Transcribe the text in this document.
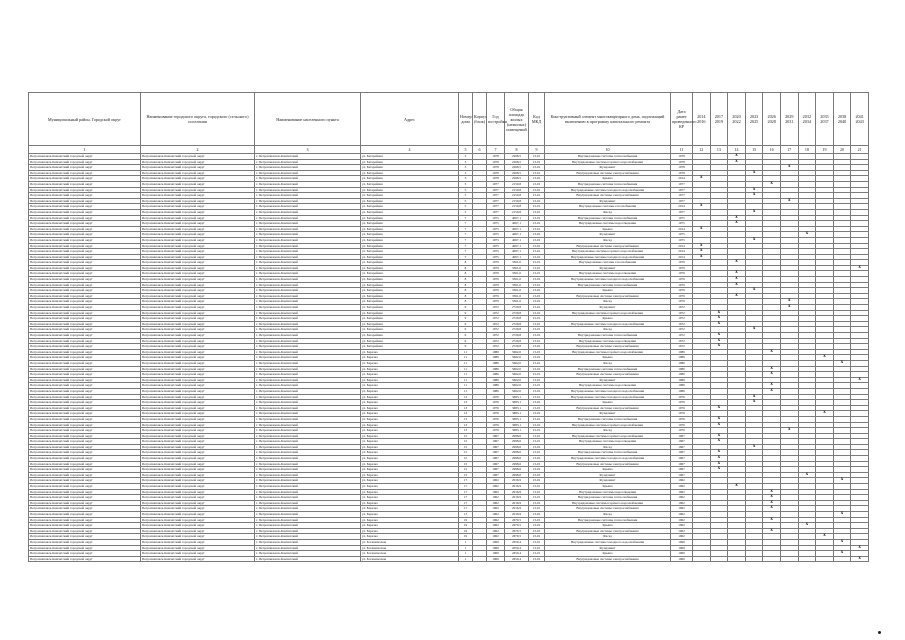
Муниципальный район, Городской округ	Наименование городского округа, городского (сельского) поселения	Наименование населенного пункта	Адрес	Номер дома	Корпус (блок)	Год постройки	Общая площадь жилых (нежилых) помещений	Код МКД	Конструктивный элемент многоквартирного дома, подлежащий включению в программу капитального ремонта	Дата ранее проведенного КР	2014 2016	2017 2019	2020 2022	2023 2025	2026 2028	2029 2031	2032 2034	2035 2037	2038 2040	2041 2043
1	2	3	4	5	6	7	8	9	10	11	12	13	14	15	16	17	18	19	20	21
Петропавловск-Камчатский городской округ	Петропавловск-Камчатский городской округ	г. Петропавловск-Камчатский	ул. Батарейная	3		1978	2268,5	13-01	Внутридомовые системы теплоснабжения	1978			x							
Петропавловск-Камчатский городской округ	Петропавловск-Камчатский городской округ	г. Петропавловск-Камчатский	ул. Батарейная	3		1978	2268,5	13-01	Внутридомовые системы горячего водоснабжения	1978			x							
Петропавловск-Камчатский городской округ	Петропавловск-Камчатский городской округ	г. Петропавловск-Камчатский	ул. Батарейная	3		1978	2268,5	13-01	Фундамент	1978						x				
Петропавловск-Камчатский городской округ	Петропавловск-Камчатский городской округ	г. Петропавловск-Камчатский	ул. Батарейная	3		1978	2268,5	13-01	Внутридомовые системы электроснабжения	1978				x						
Петропавловск-Камчатский городской округ	Петропавловск-Камчатский городской округ	г. Петропавловск-Камчатский	ул. Батарейная	3		1978	2268,5	13-01	Крыша	2014	x									
Петропавловск-Камчатский городской округ	Петропавловск-Камчатский городской округ	г. Петропавловск-Камчатский	ул. Батарейная	5		1977	2150,8	13-01	Внутридомовые системы теплоснабжения	1977					x					
Петропавловск-Камчатский городской округ	Петропавловск-Камчатский городской округ	г. Петропавловск-Камчатский	ул. Батарейная	5		1977	2150,8	13-01	Внутридомовые системы холодного водоснабжения	1977				x						
Петропавловск-Камчатский городской округ	Петропавловск-Камчатский городской округ	г. Петропавловск-Камчатский	ул. Батарейная	5		1977	2150,8	13-01	Внутридомовые системы электроснабжения	1977				x						
Петропавловск-Камчатский городской округ	Петропавловск-Камчатский городской округ	г. Петропавловск-Камчатский	ул. Батарейная	5		1977	2150,8	13-01	Фундамент	1977						x				
Петропавловск-Камчатский городской округ	Петропавловск-Камчатский городской округ	г. Петропавловск-Камчатский	ул. Батарейная	5		1977	2150,8	13-01	Внутридомовые системы газоснабжения	2014	x									
Петропавловск-Камчатский городской округ	Петропавловск-Камчатский городской округ	г. Петропавловск-Камчатский	ул. Батарейная	5		1977	2150,8	13-01	Фасад	1977				x						
Петропавловск-Камчатский городской округ	Петропавловск-Камчатский городской округ	г. Петропавловск-Камчатский	ул. Батарейная	7		1975	4067,1	13-01	Внутридомовые системы теплоснабжения	1975			x							
Петропавловск-Камчатский городской округ	Петропавловск-Камчатский городской округ	г. Петропавловск-Камчатский	ул. Батарейная	7		1975	4067,1	13-01	Внутридомовые системы водоотведения	1975			x							
Петропавловск-Камчатский городской округ	Петропавловск-Камчатский городской округ	г. Петропавловск-Камчатский	ул. Батарейная	7		1975	4067,1	13-01	Крыша	2014	x									
Петропавловск-Камчатский городской округ	Петропавловск-Камчатский городской округ	г. Петропавловск-Камчатский	ул. Батарейная	7		1975	4067,1	13-01	Фундамент	1975							x			
Петропавловск-Камчатский городской округ	Петропавловск-Камчатский городской округ	г. Петропавловск-Камчатский	ул. Батарейная	7		1975	4067,1	13-01	Фасад	1975				x						
Петропавловск-Камчатский городской округ	Петропавловск-Камчатский городской округ	г. Петропавловск-Камчатский	ул. Батарейная	7		1975	4067,1	13-01	Внутридомовые системы электроснабжения	2014	x									
Петропавловск-Камчатский городской округ	Петропавловск-Камчатский городской округ	г. Петропавловск-Камчатский	ул. Батарейная	7		1975	4067,1	13-01	Внутридомовые системы горячего водоснабжения	2014	x									
Петропавловск-Камчатский городской округ	Петропавловск-Камчатский городской округ	г. Петропавловск-Камчатский	ул. Батарейная	7		1975	4067,1	13-01	Внутридомовые системы холодного водоснабжения	2014	x									
Петропавловск-Камчатский городской округ	Петропавловск-Камчатский городской округ	г. Петропавловск-Камчатский	ул. Батарейная	8		1979	3361,0	13-01	Внутридомовые системы газоснабжения	1979			x							
Петропавловск-Камчатский городской округ	Петропавловск-Камчатский городской округ	г. Петропавловск-Камчатский	ул. Батарейная	8		1979	3361,0	13-01	Фундамент	1979										x
Петропавловск-Камчатский городской округ	Петропавловск-Камчатский городской округ	г. Петропавловск-Камчатский	ул. Батарейная	8		1979	3361,0	13-01	Внутридомовые системы водоотведения	1979			x							
Петропавловск-Камчатский городской округ	Петропавловск-Камчатский городской округ	г. Петропавловск-Камчатский	ул. Батарейная	8		1979	3361,0	13-01	Внутридомовые системы холодного водоснабжения	1979			x							
Петропавловск-Камчатский городской округ	Петропавловск-Камчатский городской округ	г. Петропавловск-Камчатский	ул. Батарейная	8		1979	3361,0	13-01	Внутридомовые системы теплоснабжения	1979			x							
Петропавловск-Камчатский городской округ	Петропавловск-Камчатский городской округ	г. Петропавловск-Камчатский	ул. Батарейная	8		1979	3361,0	13-01	Крыша	1979				x						
Петропавловск-Камчатский городской округ	Петропавловск-Камчатский городской округ	г. Петропавловск-Камчатский	ул. Батарейная	8		1979	3361,0	13-01	Внутридомовые системы электроснабжения	1979			x							
Петропавловск-Камчатский городской округ	Петропавловск-Камчатский городской округ	г. Петропавловск-Камчатский	ул. Батарейная	8		1979	3361,0	13-01	Фасад	1979						x				
Петропавловск-Камчатский городской округ	Петропавловск-Камчатский городской округ	г. Петропавловск-Камчатский	ул. Батарейная	9		1972	2729,8	13-01	Фундамент	1972						x				
Петропавловск-Камчатский городской округ	Петропавловск-Камчатский городской округ	г. Петропавловск-Камчатский	ул. Батарейная	9		1972	2729,8	13-01	Внутридомовые системы горячего водоснабжения	1972		x								
Петропавловск-Камчатский городской округ	Петропавловск-Камчатский городской округ	г. Петропавловск-Камчатский	ул. Батарейная	9		1972	2729,8	13-01	Крыша	1972		x								
Петропавловск-Камчатский городской округ	Петропавловск-Камчатский городской округ	г. Петропавловск-Камчатский	ул. Батарейная	9		1972	2729,8	13-01	Внутридомовые системы холодного водоснабжения	1972		x								
Петропавловск-Камчатский городской округ	Петропавловск-Камчатский городской округ	г. Петропавловск-Камчатский	ул. Батарейная	9		1972	2729,8	13-01	Фасад	1972				x						
Петропавловск-Камчатский городской округ	Петропавловск-Камчатский городской округ	г. Петропавловск-Камчатский	ул. Батарейная	9		1972	2729,8	13-01	Внутридомовые системы теплоснабжения	1972		x								
Петропавловск-Камчатский городской округ	Петропавловск-Камчатский городской округ	г. Петропавловск-Камчатский	ул. Батарейная	9		1972	2729,8	13-01	Внутридомовые системы водоотведения	1972		x								
Петропавловск-Камчатский городской округ	Петропавловск-Камчатский городской округ	г. Петропавловск-Камчатский	ул. Батарейная	9		1972	2729,8	13-01	Внутридомовые системы электроснабжения	1972		x								
Петропавловск-Камчатский городской округ	Петропавловск-Камчатский городской округ	г. Петропавловск-Камчатский	ул. Березка	11		1986	5662,0	13-01	Внутридомовые системы горячего водоснабжения	1986					x					
Петропавловск-Камчатский городской округ	Петропавловск-Камчатский городской округ	г. Петропавловск-Камчатский	ул. Березка	11		1986	5662,0	13-01	Крыша	1986								x		
Петропавловск-Камчатский городской округ	Петропавловск-Камчатский городской округ	г. Петропавловск-Камчатский	ул. Березка	11		1986	5662,0	13-01	Фасад	1986									x	
Петропавловск-Камчатский городской округ	Петропавловск-Камчатский городской округ	г. Петропавловск-Камчатский	ул. Березка	11		1986	5662,0	13-01	Внутридомовые системы теплоснабжения	1986					x					
Петропавловск-Камчатский городской округ	Петропавловск-Камчатский городской округ	г. Петропавловск-Камчатский	ул. Березка	11		1986	5662,0	13-01	Внутридомовые системы электроснабжения	1986					x					
Петропавловск-Камчатский городской округ	Петропавловск-Камчатский городской округ	г. Петропавловск-Камчатский	ул. Березка	11		1986	5662,0	13-01	Фундамент	1986										x
Петропавловск-Камчатский городской округ	Петропавловск-Камчатский городской округ	г. Петропавловск-Камчатский	ул. Березка	11		1986	5662,0	13-01	Внутридомовые системы водоотведения	1986					x					
Петропавловск-Камчатский городской округ	Петропавловск-Камчатский городской округ	г. Петропавловск-Камчатский	ул. Березка	11		1986	5662,0	13-01	Внутридомовые системы холодного водоснабжения	1986					x					
Петропавловск-Камчатский городской округ	Петропавловск-Камчатский городской округ	г. Петропавловск-Камчатский	ул. Березка	13		1976	3683,1	13-01	Внутридомовые системы холодного водоснабжения	1976				x						
Петропавловск-Камчатский городской округ	Петропавловск-Камчатский городской округ	г. Петропавловск-Камчатский	ул. Березка	13		1976	3683,1	13-01	Крыша	1976				x						
Петропавловск-Камчатский городской округ	Петропавловск-Камчатский городской округ	г. Петропавловск-Камчатский	ул. Березка	13		1976	3683,1	13-01	Внутридомовые системы электроснабжения	1976		x								
Петропавловск-Камчатский городской округ	Петропавловск-Камчатский городской округ	г. Петропавловск-Камчатский	ул. Березка	13		1976	3683,1	13-01	Фундамент	1976								x		
Петропавловск-Камчатский городской округ	Петропавловск-Камчатский городской округ	г. Петропавловск-Камчатский	ул. Березка	13		1976	3683,1	13-01	Внутридомовые системы теплоснабжения	1976		x								
Петропавловск-Камчатский городской округ	Петропавловск-Камчатский городской округ	г. Петропавловск-Камчатский	ул. Березка	13		1976	3683,1	13-01	Внутридомовые системы горячего водоснабжения	1976		x								
Петропавловск-Камчатский городской округ	Петропавловск-Камчатский городской округ	г. Петропавловск-Камчатский	ул. Березка	13		1976	3683,1	13-01	Фасад	1976						x				
Петропавловск-Камчатский городской округ	Петропавловск-Камчатский городской округ	г. Петропавловск-Камчатский	ул. Березка	15		1967	2998,6	13-01	Внутридомовые системы горячего водоснабжения	1967		x								
Петропавловск-Камчатский городской округ	Петропавловск-Камчатский городской округ	г. Петропавловск-Камчатский	ул. Березка	15		1967	2998,6	13-01	Внутридомовые системы водоотведения	1967		x								
Петропавловск-Камчатский городской округ	Петропавловск-Камчатский городской округ	г. Петропавловск-Камчатский	ул. Березка	15		1967	2998,6	13-01	Фасад	1967				x						
Петропавловск-Камчатский городской округ	Петропавловск-Камчатский городской округ	г. Петропавловск-Камчатский	ул. Березка	15		1967	2998,6	13-01	Внутридомовые системы теплоснабжения	1967		x								
Петропавловск-Камчатский городской округ	Петропавловск-Камчатский городской округ	г. Петропавловск-Камчатский	ул. Березка	15		1967	2998,6	13-01	Внутридомовые системы холодного водоснабжения	1967		x								
Петропавловск-Камчатский городской округ	Петропавловск-Камчатский городской округ	г. Петропавловск-Камчатский	ул. Березка	15		1967	2998,6	13-01	Внутридомовые системы электроснабжения	1967		x								
Петропавловск-Камчатский городской округ	Петропавловск-Камчатский городской округ	г. Петропавловск-Камчатский	ул. Березка	15		1967	2998,6	13-01	Крыша	1967		x								
Петропавловск-Камчатский городской округ	Петропавловск-Камчатский городской округ	г. Петропавловск-Камчатский	ул. Березка	15		1967	2998,6	13-01	Фундамент	1967							x			
Петропавловск-Камчатский городской округ	Петропавловск-Камчатский городской округ	г. Петропавловск-Камчатский	ул. Березка	17		1962	2016,9	13-01	Фундамент	1962									x	
Петропавловск-Камчатский городской округ	Петропавловск-Камчатский городской округ	г. Петропавловск-Камчатский	ул. Березка	17		1962	2016,9	13-01	Крыша	1962			x							
Петропавловск-Камчатский городской округ	Петропавловск-Камчатский городской округ	г. Петропавловск-Камчатский	ул. Березка	17		1962	2016,9	13-01	Внутридомовые системы водоотведения	1962					x					
Петропавловск-Камчатский городской округ	Петропавловск-Камчатский городской округ	г. Петропавловск-Камчатский	ул. Березка	17		1962	2016,9	13-01	Внутридомовые системы теплоснабжения	1962					x					
Петропавловск-Камчатский городской округ	Петропавловск-Камчатский городской округ	г. Петропавловск-Камчатский	ул. Березка	17		1962	2016,9	13-01	Внутридомовые системы горячего водоснабжения	1962					x					
Петропавловск-Камчатский городской округ	Петропавловск-Камчатский городской округ	г. Петропавловск-Камчатский	ул. Березка	17		1962	2016,9	13-01	Внутридомовые системы электроснабжения	1962					x					
Петропавловск-Камчатский городской округ	Петропавловск-Камчатский городской округ	г. Петропавловск-Камчатский	ул. Березка	17		1962	2016,9	13-01	Фасад	1962									x	
Петропавловск-Камчатский городской округ	Петропавловск-Камчатский городской округ	г. Петропавловск-Камчатский	ул. Березка	19		1962	2670,5	13-01	Внутридомовые системы теплоснабжения	1962					x					
Петропавловск-Камчатский городской округ	Петропавловск-Камчатский городской округ	г. Петропавловск-Камчатский	ул. Березка	19		1962	2670,5	13-01	Крыша	1962							x			
Петропавловск-Камчатский городской округ	Петропавловск-Камчатский городской округ	г. Петропавловск-Камчатский	ул. Березка	19		1962	2670,5	13-01	Внутридомовые системы электроснабжения	1962					x					
Петропавловск-Камчатский городской округ	Петропавловск-Камчатский городской округ	г. Петропавловск-Камчатский	ул. Березка	19		1962	2670,5	13-01	Фасад	1962								x		
Петропавловск-Камчатский городской округ	Петропавловск-Камчатский городской округ	г. Петропавловск-Камчатский	ул. Ботаническая	1		1969	2650,4	13-01	Внутридомовые системы холодного водоснабжения	1969									x	
Петропавловск-Камчатский городской округ	Петропавловск-Камчатский городской округ	г. Петропавловск-Камчатский	ул. Ботаническая	1		1969	2650,4	13-01	Фундамент	1969										x
Петропавловск-Камчатский городской округ	Петропавловск-Камчатский городской округ	г. Петропавловск-Камчатский	ул. Ботаническая	1		1969	2650,4	13-01	Крыша	1969									x	
Петропавловск-Камчатский городской округ	Петропавловск-Камчатский городской округ	г. Петропавловск-Камчатский	ул. Ботаническая	1		1969	2650,4	13-01	Внутридомовые системы электроснабжения	1969										x
